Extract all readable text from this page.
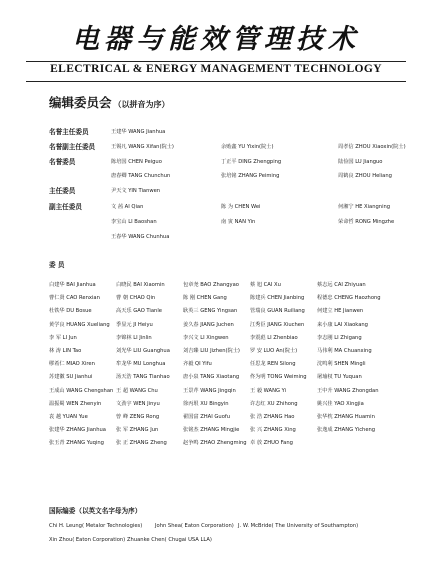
电器与能效管理技术
ELECTRICAL & ENERGY MANAGEMENT TECHNOLOGY
编辑委员会 （以拼音为序）
名誉主任委员	王建华 WANG Jianhua
名誉副主任委员	王锡凡 WANG Xifan(院士)	余贻鑫 YU Yixin(院士)	周孝信 ZHOU Xiaoxin(院士)
名誉委员	陈培国 CHEN Peiguo	丁正平 DING Zhengping	陆俭国 LU Jianguo
唐春卿 TANG Chunchun	张培铭 ZHANG Peiming	周鹤良 ZHOU Heliang
主任委员	尹天文 YIN Tianwen
副主任委员	文 茜 AI Qian	陈 为 CHEN Wei	何湘宁 HE Xiangning
李宝山 LI Baoshan	南 寅 NAN Yin	荣命哲 RONG Mingzhe
王春华 WANG Chunhua
委 员
白建华 BAI Jianhua	白晓民 BAI Xiaomin	包章尧 BAO Zhangyao 蔡 旭 CAI Xu	蔡志远 CAI Zhiyuan
曹仁贤 CAO Renxian	曹 朝 CHAO Qin	陈 刚 CHEN Gang	陈建兵 CHEN Jianbing 程德忠 CHENG Haozhong
杜铁华 DU Bosue	高天乐 GAO Tianle	耿英三 GENG Yingsan 管瑞良 GUAN Ruiliang 何建立 HE Jianwen
黄学良 HUANG Xueliang 季显元 JI Heiyu	姜久春 JIANG Juchen	江秀臣 JIANG Xiuchen 来小康 LAI Xiaokang
李 军 LI Jun	李锦林 LI Jinlin	李兴文 LI Xingwen	李震彪 LI Zhenbiao	李志刚 LI Zhigang
林 涛 LIN Tao	刘光华 LIU Guanghua	刘吉臻 LIU Jizhen(院士) 罗 安 LUO An(院士)	马伟利 MA Chuanxing
缪希仁 MIAO Xiren	牟龙华 MU Longhua	齐毅 QI Yifu	任思龙 REN Silong	沈鸣利 SHEN Mingli
苏建徽 SU Jianhui	汤天浩 TANG Tianhao	唐小泉 TANG Xiaotang 佟为明 TONG Weiming 屠瑜权 TU Yuquan
王成山 WANG Chengshan 王 超 WANG Chu	王景芹 WANG Jingqin	王 毅 WANG Yi	王中升 WANG Zhongdan
温振蜀 WEN Zhenyin	文劲宇 WEN Jinyu	徐丙垠 XU Bingyin	许志红 XU Zhihong	姚兴佳 YAO Xingjia
袁 越 YUAN Yue	曾 峰 ZENG Rong	翟国富 ZHAI Guofu	张 浩 ZHANG Hao	张华枕 ZHANG Huamin
张建华 ZHANG Jianhua 张 军 ZHANG Jun	张铭杰 ZHANG Mingjie 张 兴 ZHANG Xing	张逸成 ZHANG Yicheng
张玉青 ZHANG Yuqing 张 正 ZHANG Zheng	赵争鸣 ZHAO Zhengming 卓 放 ZHUO Fang
国际编委（以英文名字母为序）
Chi H. Leung( Metalor Technologies) John Shea( Eaton Corporation) J. W. McBride( The University of Southampton)
Xin Zhou( Eaton Corporation) Zhuanke Chen( Chugai USA LLA)
